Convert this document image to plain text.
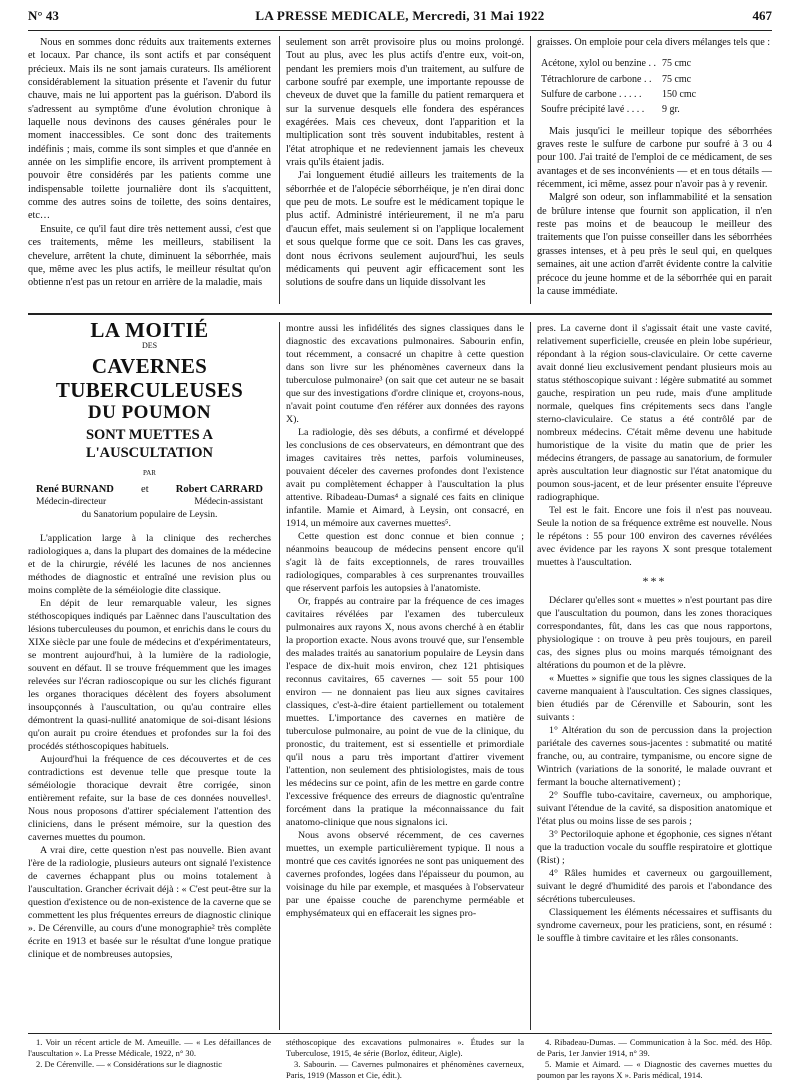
N° 43	LA PRESSE MEDICALE, Mercredi, 31 Mai 1922	467

Nous en sommes donc réduits aux traitements externes et locaux. Par chance, ils sont actifs et par conséquent précieux. Mais ils ne sont jamais curateurs. Ils améliorent considérablement la situation présente et l'avenir du futur chauve, mais ne lui apportent pas la guérison. D'abord ils s'adressent au symptôme d'une évolution chronique à laquelle nous devinons des causes générales pour le moment inaccessibles. Ce sont donc des traitements indéfinis ; mais, comme ils sont simples et que d'année en année on les simplifie encore, ils arrivent promptement à pouvoir être considérés par les patients comme une indispensable toilette journalière dont ils s'acquittent, comme des autres soins de toilette, des soins dentaires, etc…

Ensuite, ce qu'il faut dire très nettement aussi, c'est que ces traitements, même les meilleurs, stabilisent la chevelure, arrêtent la chute, diminuent la séborrhée, mais que, même avec les plus actifs, le meilleur résultat qu'on obtienne n'est pas un retour en arrière de la maladie, mais

seulement son arrêt provisoire plus ou moins prolongé. Tout au plus, avec les plus actifs d'entre eux, voit-on, pendant les premiers mois d'un traitement, au sulfure de carbone soufré par exemple, une importante repousse de cheveux de duvet que la famille du patient remarquera et sur la survenue desquels elle fondera des espérances exagérées. Mais ces cheveux, dont l'apparition et la multiplication sont très souvent indubitables, restent à l'état atrophique et ne redeviennent jamais les cheveux vrais qu'ils étaient jadis.

J'ai longuement étudié ailleurs les traitements de la séborrhée et de l'alopécie séborrhéique, je n'en dirai donc que peu de mots. Le soufre est le médicament topique le plus actif. Administré intérieurement, il ne m'a paru d'aucun effet, mais seulement si on l'applique localement et sous quelque forme que ce soit. Dans les cas graves, dont nous écrivons seulement aujourd'hui, les seuls médicaments qui peuvent agir efficacement sont les solutions de soufre dans un liquide dissolvant les

graisses. On emploie pour cela divers mélanges tels que :

Acétone, xylol ou benzine . .	75 cmc
Tétrachlorure de carbone . .	75 cmc
Sulfure de carbone . . . . .	150 cmc
Soufre précipité lavé . . . .	9 gr.

Mais jusqu'ici le meilleur topique des séborrhées graves reste le sulfure de carbone pur soufré à 3 ou 4 pour 100. J'ai traité de l'emploi de ce médicament, de ses avantages et de ses inconvénients — et en tous détails — récemment, ici même, assez pour n'avoir pas à y revenir.

Malgré son odeur, son inflammabilité et la sensation de brûlure intense que fournit son application, il n'en reste pas moins et de beaucoup le meilleur des traitements que l'on puisse conseiller dans les séborrhées grasses intenses, et à peu près le seul qui, en quelques semaines, ait une action d'arrêt évidente contre la calvitie précoce du jeune homme et de la séborrhée qui en parait la cause immédiate.

LA MOITIÉ
DES
CAVERNES TUBERCULEUSES
DU POUMON
SONT MUETTES A L'AUSCULTATION
PAR
René BURNAND	et	Robert CARRARD
Médecin-directeur	Médecin-assistant
du Sanatorium populaire de Leysin.

L'application large à la clinique des recherches radiologiques a, dans la plupart des domaines de la médecine et de la chirurgie, révélé les lacunes de nos anciennes méthodes de diagnostic et entraîné une revision plus ou moins complète de la séméiologie dite classique.

En dépit de leur remarquable valeur, les signes stéthoscopiques indiqués par Laënnec dans l'auscultation des lésions tuberculeuses du poumon, et enrichis dans le cours du XIXe siècle par une foule de médecins et d'expérimentateurs, se montrent aujourd'hui, à la lumière de la radiologie, souvent en défaut. Il se trouve fréquemment que les images relevées sur l'écran radioscopique ou sur les clichés figurant les organes thoraciques décèlent des foyers absolument insoupçonnés à l'auscultation, ou qu'au contraire elles démontrent la quasi-nullité anatomique de soi-disant lésions qu'on aurait pu croire étendues et profondes sur la foi des procédés stéthoscopiques habituels.

Aujourd'hui la fréquence de ces découvertes et de ces contradictions est devenue telle que presque toute la séméiologie thoracique devrait être corrigée, sinon entièrement refaite, sur la base de ces données nouvelles¹. Nous nous proposons d'attirer spécialement l'attention des cliniciens, dans le présent mémoire, sur la question des cavernes muettes du poumon.

A vrai dire, cette question n'est pas nouvelle. Bien avant l'ère de la radiologie, plusieurs auteurs ont signalé l'existence de cavernes échappant plus ou moins totalement à l'auscultation. Grancher écrivait déjà : « C'est peut-être sur la question d'existence ou de non-existence de la caverne que se commettent les plus fréquentes erreurs de diagnostic clinique ». De Cérenville, au cours d'une monographie² très complète écrite en 1913 et basée sur le résultat d'une longue pratique clinique et de nombreuses autopsies,

montre aussi les infidélités des signes classiques dans le diagnostic des excavations pulmonaires. Sabourin enfin, tout récemment, a consacré un chapitre à cette question dans son livre sur les phénomènes caverneux dans la tuberculose pulmonaire³ (on sait que cet auteur ne se basait que sur des investigations d'ordre clinique et, croyons-nous, n'avait point coutume d'en référer aux données des rayons X).

La radiologie, dès ses débuts, a confirmé et développé les conclusions de ces observateurs, en démontrant que des images cavitaires très nettes, parfois volumineuses, pouvaient déceler des cavernes profondes dont l'existence avait pu complètement échapper à l'auscultation la plus attentive. Ribadeau-Dumas⁴ a signalé ces faits en clinique infantile. Mamie et Aimard, à Leysin, ont consacré, en 1914, un mémoire aux cavernes muettes⁵.

Cette question est donc connue et bien connue ; néanmoins beaucoup de médecins pensent encore qu'il s'agit là de faits exceptionnels, de rares trouvailles radiologiques, comparables à ces surprenantes trouvailles que réservent parfois les autopsies à l'anatomiste.

Or, frappés au contraire par la fréquence de ces images cavitaires révélées par l'examen des tuberculeux pulmonaires aux rayons X, nous avons cherché à en établir la proportion exacte. Nous avons trouvé que, sur l'ensemble des malades traités au sanatorium populaire de Leysin dans l'espace de dix-huit mois environ, chez 121 phtisiques reconnus cavitaires, 65 cavernes — soit 55 pour 100 environ — ne donnaient pas lieu aux signes cavitaires classiques, c'est-à-dire étaient partiellement ou totalement muettes. L'importance des cavernes en matière de tuberculose pulmonaire, au point de vue de la clinique, du pronostic, du traitement, est si essentielle et primordiale qu'il nous a paru très important d'attirer vivement l'attention, non seulement des phtisiologistes, mais de tous les médecins sur ce point, afin de les mettre en garde contre l'excessive fréquence des erreurs de diagnostic qu'entraîne forcément dans la pratique la méconnaissance du fait anatomo-clinique que nous signalons ici.

Nous avons observé récemment, de ces cavernes muettes, un exemple particulièrement typique. Il nous a montré que ces cavités ignorées ne sont pas uniquement des cavernes profondes, logées dans l'épaisseur du poumon, au voisinage du hile par exemple, et masquées à l'observateur par une épaisse couche de parenchyme perméable et emphysémateux qui en effacerait les signes pro-

pres. La caverne dont il s'agissait était une vaste cavité, relativement superficielle, creusée en plein lobe supérieur, répondant à la région sous-claviculaire. Or cette caverne avait donné lieu exclusivement pendant plusieurs mois au status stéthoscopique suivant : légère submatité au sommet gauche, respiration un peu rude, mais d'une amplitude normale, quelques fins crépitements secs dans l'angle sterno-claviculaire. Ce status a été contrôlé par de nombreux médecins. C'était même devenu une habitude humoristique de la visite du matin que de prier les médecins étrangers, de passage au sanatorium, de formuler après auscultation leur diagnostic sur l'état anatomique du poumon sous-jacent, et de leur présenter ensuite l'épreuve radiographique.

Tel est le fait. Encore une fois il n'est pas nouveau. Seule la notion de sa fréquence extrême est nouvelle. Nous le répétons : 55 pour 100 environ des cavernes révélées avec évidence par les rayons X sont presque totalement muettes à l'auscultation.

***

Déclarer qu'elles sont « muettes » n'est pourtant pas dire que l'auscultation du poumon, dans les zones thoraciques correspondantes, fût, dans les cas que nous rapportons, physiologique : on trouve à peu près toujours, en pareil cas, des signes plus ou moins marqués témoignant des altérations du poumon et de la plèvre.

« Muettes » signifie que tous les signes classiques de la caverne manquaient à l'auscultation. Ces signes classiques, bien étudiés par de Cérenville et Sabourin, sont les suivants :

1° Altération du son de percussion dans la projection pariétale des cavernes sous-jacentes : submatité ou matité franche, ou, au contraire, tympanisme, ou encore signe de Wintrich (variations de la sonorité, le malade ouvrant et fermant la bouche alternativement) ;

2° Souffle tubo-cavitaire, caverneux, ou amphorique, suivant l'étendue de la cavité, sa disposition anatomique et l'état plus ou moins lisse de ses parois ;

3° Pectoriloquie aphone et égophonie, ces signes n'étant que la traduction vocale du souffle respiratoire et glottique (Rist) ;

4° Râles humides et caverneux ou gargouillement, suivant le degré d'humidité des parois et l'abondance des sécrétions tuberculeuses.

Classiquement les éléments nécessaires et suffisants du syndrome caverneux, pour les praticiens, sont, en résumé : le souffle à timbre cavitaire et les râles consonants.

1. Voir un récent article de M. Ameuille. — « Les défaillances de l'auscultation ». La Presse Médicale, 1922, n° 30.

2. De Cérenville. — « Considérations sur le diagnostic

stéthoscopique des excavations pulmonaires ». Études sur la Tuberculose, 1915, 4e série (Borloz, éditeur, Aigle).

3. Sabourin. — Cavernes pulmonaires et phénomènes caverneux, Paris, 1919 (Masson et Cie, édit.).

4. Ribadeau-Dumas. — Communication à la Soc. méd. des Hôp. de Paris, 1er Janvier 1914, n° 39.

5. Mamie et Aimard. — « Diagnostic des cavernes muettes du poumon par les rayons X ». Paris médical, 1914.
